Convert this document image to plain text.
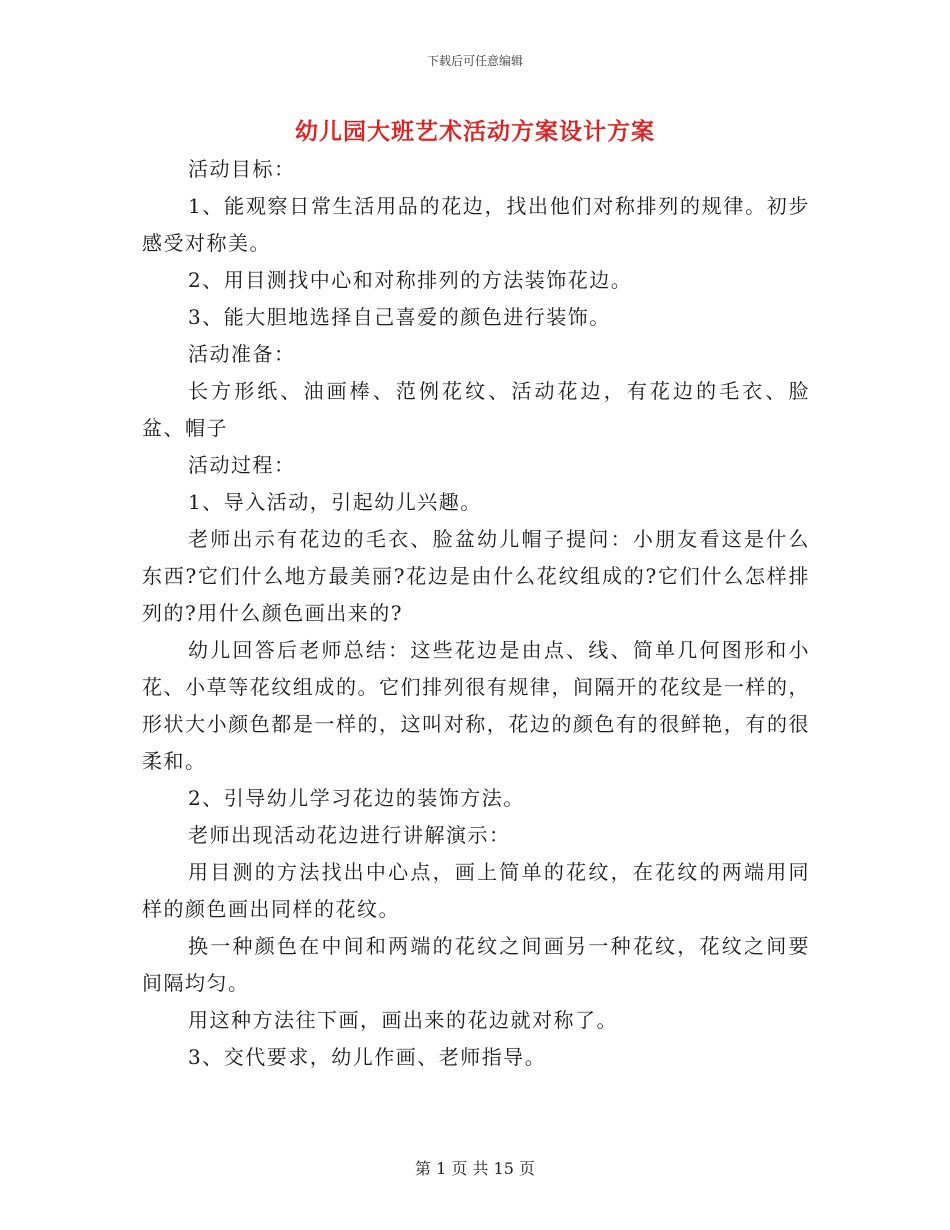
下载后可任意编辑
幼儿园大班艺术活动方案设计方案

活动目标：

1、能观察日常生活用品的花边，找出他们对称排列的规律。初步感受对称美。

2、用目测找中心和对称排列的方法装饰花边。

3、能大胆地选择自己喜爱的颜色进行装饰。

活动准备：

长方形纸、油画棒、范例花纹、活动花边，有花边的毛衣、脸盆、帽子

活动过程：

1、导入活动，引起幼儿兴趣。

老师出示有花边的毛衣、脸盆幼儿帽子提问：小朋友看这是什么东西?它们什么地方最美丽?花边是由什么花纹组成的?它们什么怎样排列的?用什么颜色画出来的?

幼儿回答后老师总结：这些花边是由点、线、简单几何图形和小花、小草等花纹组成的。它们排列很有规律，间隔开的花纹是一样的，形状大小颜色都是一样的，这叫对称，花边的颜色有的很鲜艳，有的很柔和。

2、引导幼儿学习花边的装饰方法。

老师出现活动花边进行讲解演示：

用目测的方法找出中心点，画上简单的花纹，在花纹的两端用同样的颜色画出同样的花纹。

换一种颜色在中间和两端的花纹之间画另一种花纹，花纹之间要间隔均匀。

用这种方法往下画，画出来的花边就对称了。

3、交代要求，幼儿作画、老师指导。

第 1 页 共 15 页
